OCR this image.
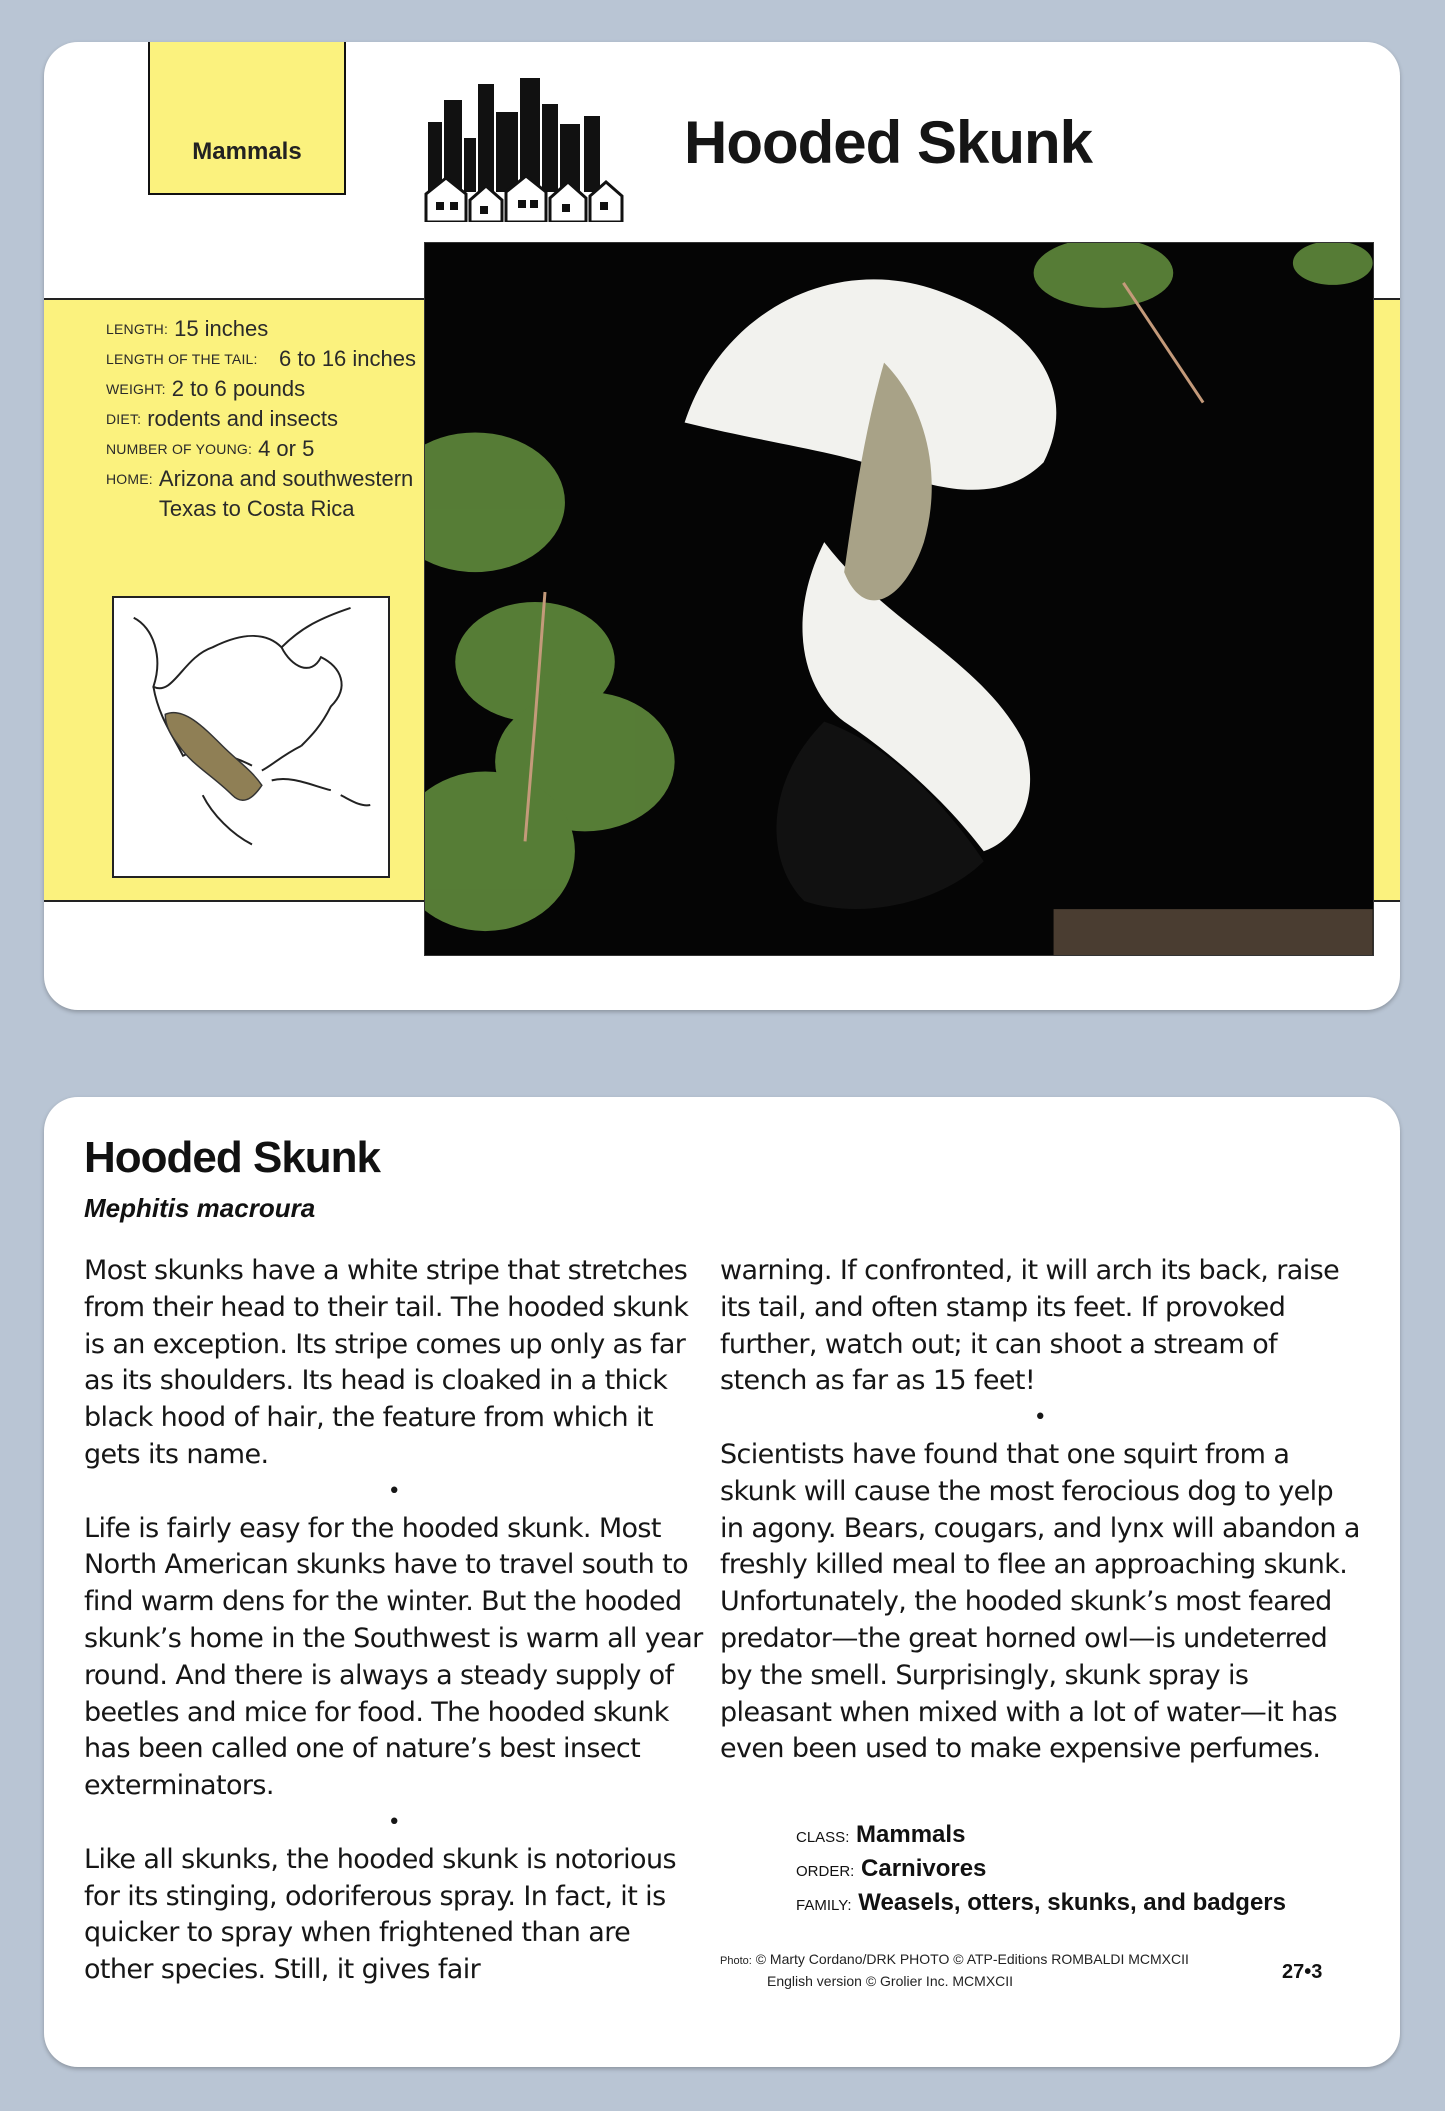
Mammals	Hooded Skunk
LENGTH: 15 inches
LENGTH OF THE TAIL: 6 to 16 inches
WEIGHT: 2 to 6 pounds
DIET: rodents and insects
NUMBER OF YOUNG: 4 or 5
HOME: Arizona and southwestern Texas to Costa Rica
Hooded Skunk
Mephitis macroura

Most skunks have a white stripe that stretches from their head to their tail. The hooded skunk is an exception. Its stripe comes up only as far as its shoulders. Its head is cloaked in a thick black hood of hair, the feature from which it gets its name.

•

Life is fairly easy for the hooded skunk. Most North American skunks have to travel south to find warm dens for the winter. But the hooded skunk’s home in the Southwest is warm all year round. And there is always a steady supply of beetles and mice for food. The hooded skunk has been called one of nature’s best insect exterminators.

•

Like all skunks, the hooded skunk is notorious for its stinging, odoriferous spray. In fact, it is quicker to spray when frightened than are other species. Still, it gives fair

warning. If confronted, it will arch its back, raise its tail, and often stamp its feet. If provoked further, watch out; it can shoot a stream of stench as far as 15 feet!

•

Scientists have found that one squirt from a skunk will cause the most ferocious dog to yelp in agony. Bears, cougars, and lynx will abandon a freshly killed meal to flee an approaching skunk. Unfortunately, the hooded skunk’s most feared predator—the great horned owl—is undeterred by the smell. Surprisingly, skunk spray is pleasant when mixed with a lot of water—it has even been used to make expensive perfumes.

CLASS: Mammals
ORDER: Carnivores
FAMILY: Weasels, otters, skunks, and badgers
Photo: © Marty Cordano/DRK PHOTO © ATP-Editions ROMBALDI MCMXCII
English version © Grolier Inc. MCMXCII	27•3
